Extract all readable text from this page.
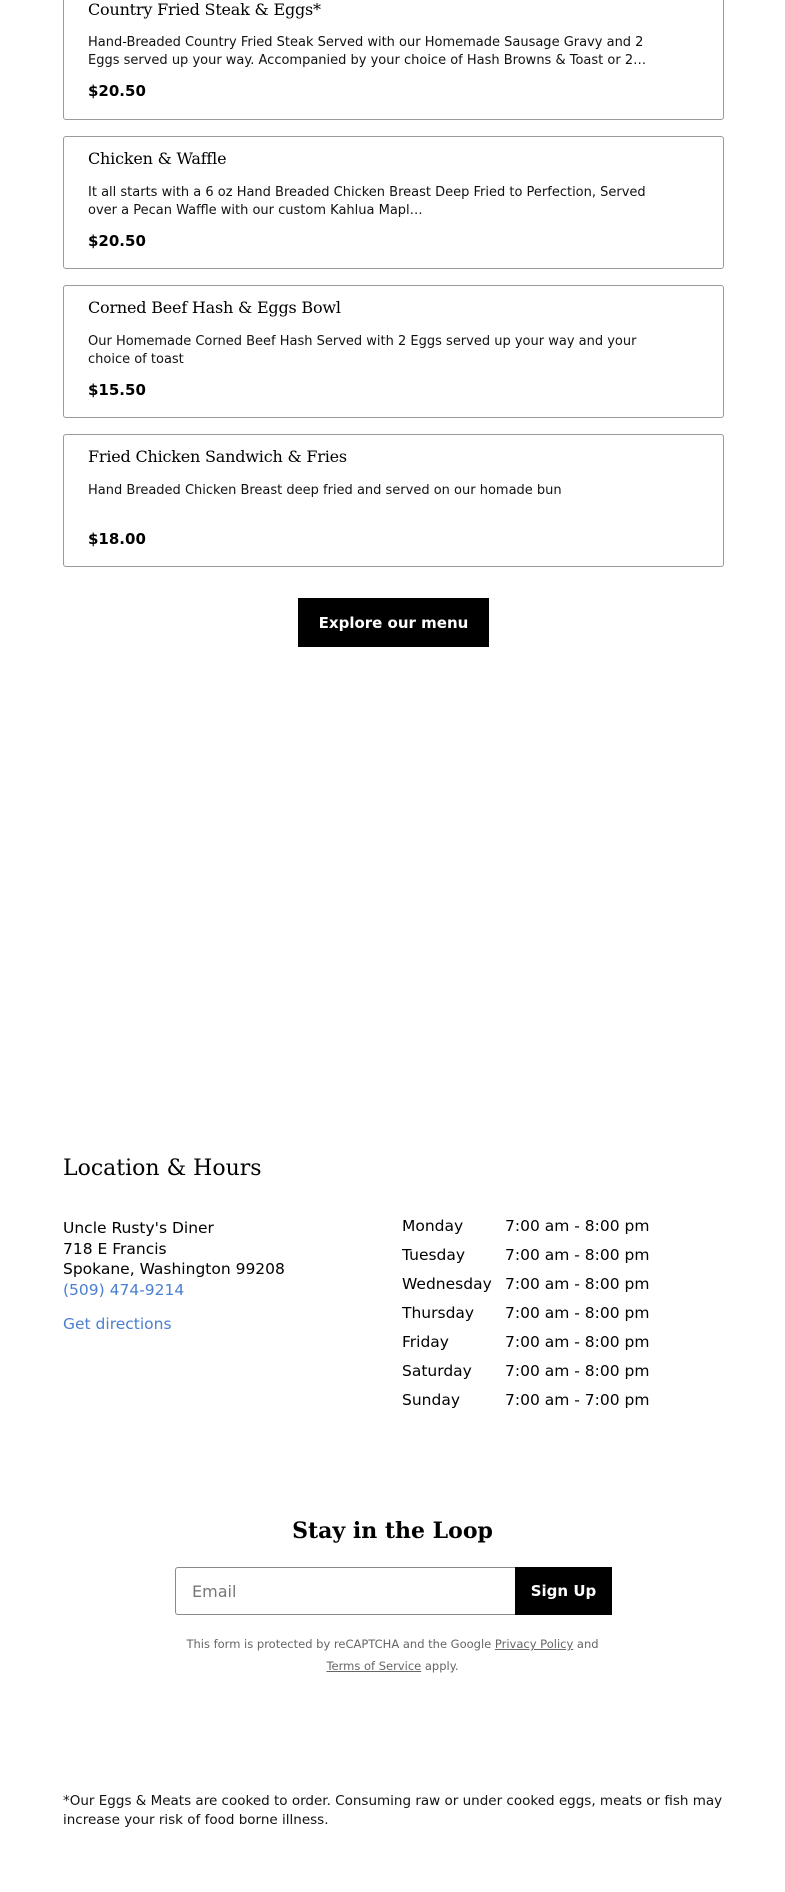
Country Fried Steak & Eggs*
Hand-Breaded Country Fried Steak Served with our Homemade Sausage Gravy and 2 Eggs served up your way. Accompanied by your choice of Hash Browns & Toast or 2…
$20.50
Chicken & Waffle
It all starts with a 6 oz Hand Breaded Chicken Breast Deep Fried to Perfection, Served over a Pecan Waffle with our custom Kahlua Mapl…
$20.50
Corned Beef Hash & Eggs Bowl
Our Homemade Corned Beef Hash Served with 2 Eggs served up your way and your choice of toast
$15.50
Fried Chicken Sandwich & Fries
Hand Breaded Chicken Breast deep fried and served on our homade bun
$18.00
Explore our menu
Location & Hours
Uncle Rusty's Diner
718 E Francis
Spokane, Washington 99208
(509) 474-9214
Get directions
Monday	7:00 am - 8:00 pm
Tuesday	7:00 am - 8:00 pm
Wednesday 7:00 am - 8:00 pm
Thursday 7:00 am - 8:00 pm
Friday	7:00 am - 8:00 pm
Saturday 7:00 am - 8:00 pm
Sunday	7:00 am - 7:00 pm
Stay in the Loop
Email
Sign Up
This form is protected by reCAPTCHA and the Google Privacy Policy and
Terms of Service apply.

*Our Eggs & Meats are cooked to order. Consuming raw or under cooked eggs, meats or fish may increase your risk of food borne illness.
